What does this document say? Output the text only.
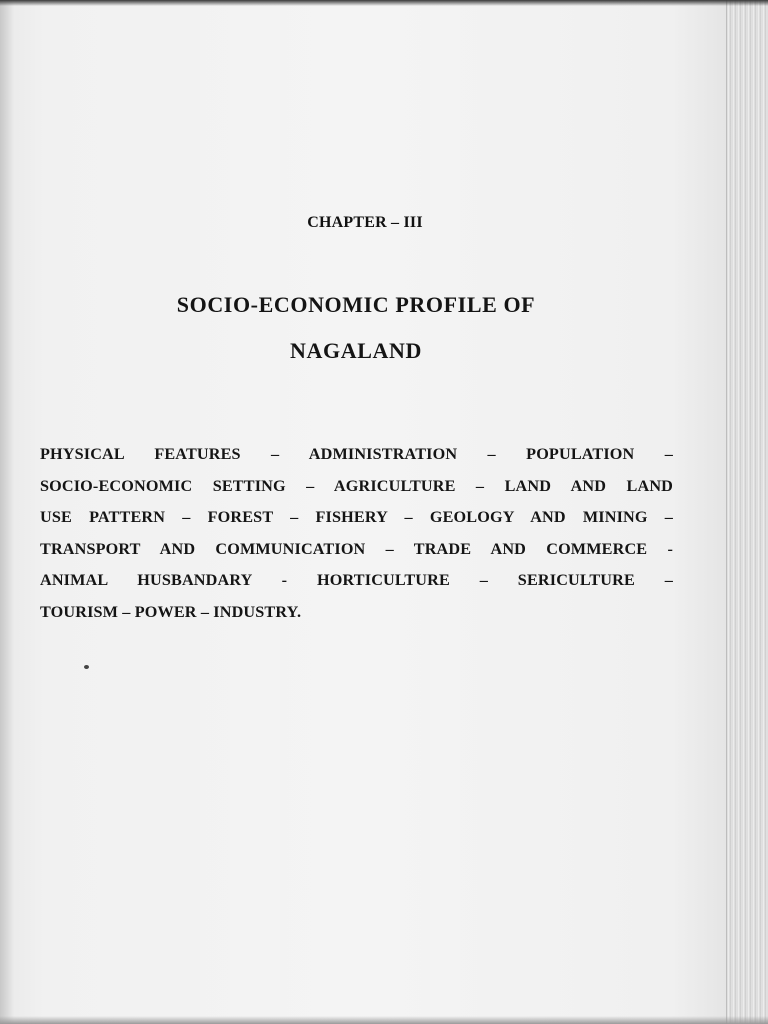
CHAPTER – III
SOCIO-ECONOMIC PROFILE OF
NAGALAND
PHYSICAL FEATURES – ADMINISTRATION – POPULATION –
SOCIO-ECONOMIC SETTING – AGRICULTURE – LAND AND LAND
USE PATTERN – FOREST – FISHERY – GEOLOGY AND MINING –
TRANSPORT AND COMMUNICATION – TRADE AND COMMERCE -
ANIMAL HUSBANDARY - HORTICULTURE – SERICULTURE –
TOURISM – POWER – INDUSTRY.
